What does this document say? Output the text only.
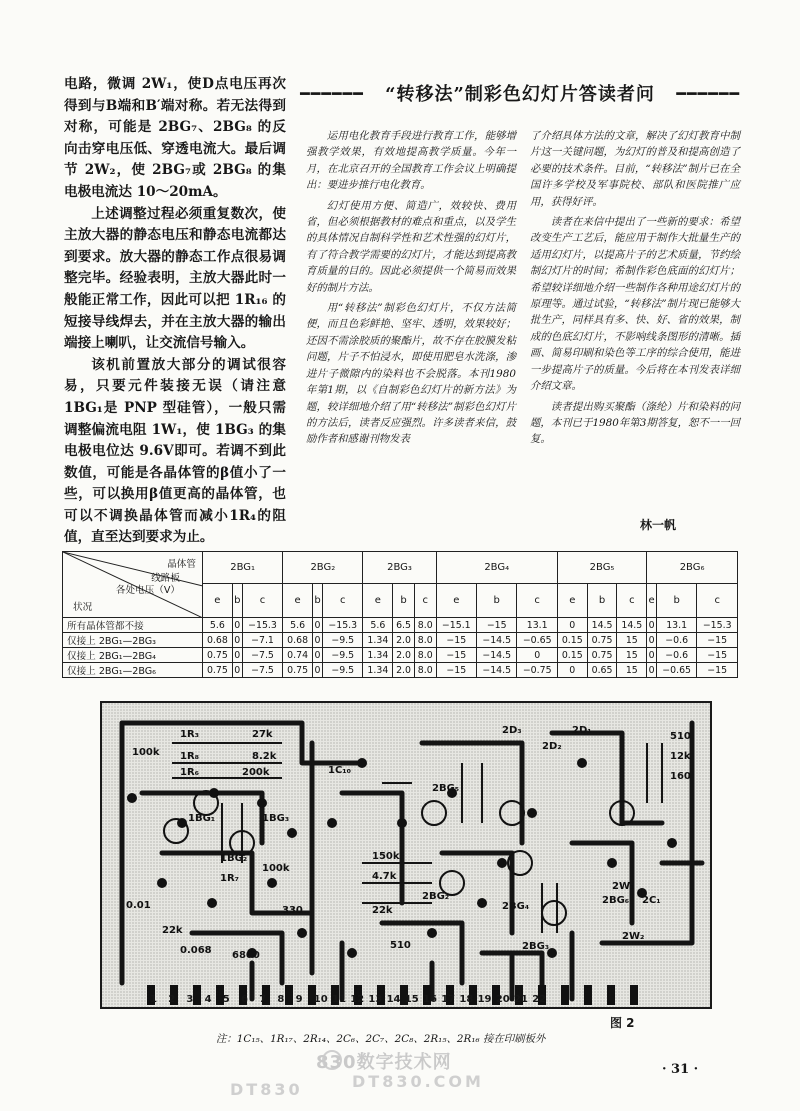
电路，微调 2W₁，使D点电压再次得到与B端和B′端对称。若无法得到对称，可能是 2BG₇、2BG₈ 的反向击穿电压低、穿透电流大。最后调节 2W₂，使 2BG₇或 2BG₈ 的集电极电流达 10～20mA。

上述调整过程必须重复数次，使主放大器的静态电压和静态电流都达到要求。放大器的静态工作点很易调整完毕。经验表明，主放大器此时一般能正常工作，因此可以把 1R₁₆ 的短接导线焊去，并在主放大器的输出端接上喇叭，让交流信号输入。

该机前置放大部分的调试很容易，只要元件装接无误（请注意1BG₁是 PNP 型硅管），一般只需调整偏流电阻 1W₁，使 1BG₃ 的集电极电位达 9.6V即可。若调不到此数值，可能是各晶体管的β值小了一些，可以换用β值更高的晶体管，也可以不调换晶体管而减小1R₄的阻值，直至达到要求为止。

━━━━━━ “转移法”制彩色幻灯片答读者问 ━━━━━━

运用电化教育手段进行教育工作，能够增强教学效果，有效地提高教学质量。今年一月，在北京召开的全国教育工作会议上明确提出：要进步推行电化教育。

幻灯使用方便、简造广，效较快、费用省，但必须根据教材的难点和重点，以及学生的具体情况自制科学性和艺术性强的幻灯片，有了符合教学需要的幻灯片，才能达到提高教育质量的目的。因此必须提供一个简易而效果好的制片方法。

用“转移法”制彩色幻灯片，不仅方法简便，而且色彩鲜艳、坚牢、透明，效果较好；还因不需涂胶质的聚酯片，故不存在胶膜发粘问题，片子不怕浸水，即使用肥皂水洗涤，渗进片子微隙内的染料也不会脱落。本刊1980年第1期，以《自制彩色幻灯片的新方法》为题，较详细地介绍了用“转移法”制彩色幻灯片的方法后，读者反应强烈。许多读者来信，鼓励作者和感谢刊物发表

了介绍具体方法的文章，解决了幻灯教育中制片这一关键问题，为幻灯的普及和提高创造了必要的技术条件。目前，“转移法”制片已在全国许多学校及军事院校、部队和医院推广应用，获得好评。

读者在来信中提出了一些新的要求：希望改变生产工艺后，能应用于制作大批量生产的适用幻灯片，以提高片子的艺术质量，节约绘制幻灯片的时间；希制作彩色底面的幻灯片；希望较详细地介绍一些制作各种用途幻灯片的原理等。通过试验，“转移法”制片现已能够大批生产，同样具有多、快、好、省的效果，制成的色底幻灯片，不影响线条图形的清晰。插画、简易印刷和染色等工序的综合使用，能进一步提高片子的质量。今后将在本刊发表详细介绍文章。

读者提出购买聚酯（涤纶）片和染料的问题，本刊已于1980年第3期答复，恕不一一回复。

林一帆
晶体管
线路板
各处电压（V）
状况	2BG₁			2BG₂			2BG₃			2BG₄			2BG₅			2BG₆		
	e	b	c	e	b	c	e	b	c	e	b	c	e	b	c	e	b	c
所有晶体管都不接	5.6	0	−15.3	5.6	0	−15.3	5.6	6.5	8.0	−15.1	−15	13.1	0	14.5	14.5	0	13.1	−15.3
仅接上 2BG₁—2BG₃	0.68	0	−7.1	0.68	0	−9.5	1.34	2.0	8.0	−15	−14.5	−0.65	0.15	0.75	15	0	−0.6	−15
仅接上 2BG₁—2BG₄	0.75	0	−7.5	0.74	0	−9.5	1.34	2.0	8.0	−15	−14.5	0	0.15	0.75	15	0	−0.6	−15
仅接上 2BG₁—2BG₆	0.75	0	−7.5	0.75	0	−9.5	1.34	2.0	8.0	−15	−14.5	−0.75	0	0.65	15	0	−0.65	−15
1R₃	27k
100k 1R₈	8.2k
1R₆	200k
1BG₁
1BG₂
1BG₃
1R₇
100k
22k
0.01
0.068 6800
330
150k
4.7k
22k
510
2BG₅
2BG₂
2BG₃
2BG₄
2BG₆
2W₁
2W₂
510
12k
160
2D₁
2D₂
2D₃
2C₁
1C₁₀
1 2 3 4 5 6 7 8 9 10 11 12 13 14 15 16 17 18 19 20 21 22
图 2
注：1C₁₅、1R₁₇、2R₁₄、2C₆、2C₇、2C₈、2R₁₅、2R₁₆ 接在印刷板外
830数字技术网
DT830.COM
DT830
· 31 ·
